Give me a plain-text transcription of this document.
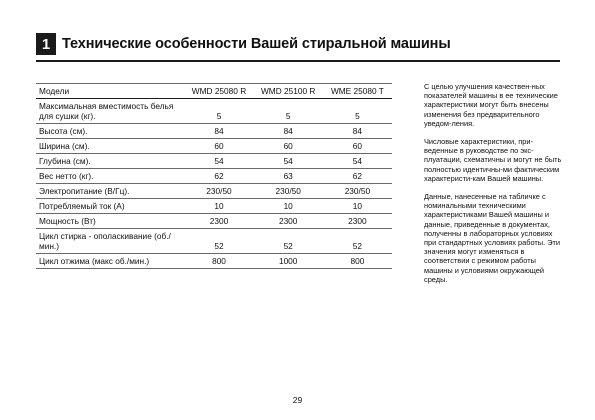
1 Технические особенности Вашей стиральной машины
Модели	WMD 25080 R	WMD 25100 R	WME 25080 T
Максимальная вместимость белья для сушки (кг).	5	5	5
Высота (см).	84	84	84
Ширина (см).	60	60	60
Глубина (см).	54	54	54
Вес нетто (кг).	62	63	62
Электропитание (В/Гц).	230/50	230/50	230/50
Потребляемый ток (А)	10	10	10
Мощность (Вт)	2300	2300	2300
Цикл стирка - ополаскивание (об./мин.)	52	52	52
Цикл отжима (макс об./мин.)	800	1000	800

С целью улучшения качествен-ных показателей машины в ее технические характеристики могут быть внесены изменения без предварительного уведом-ления.

Числовые характеристики, при-веденные в руководстве по экс-плуатации, схематичны и могут не быть полностью идентичны-ми фактическим характеристи-кам Вашей машины.

Данные, нанесенные на табличке с номинальными техническими характеристиками Вашей машины и данные, приведенные в документах, полученны в лабораторных условиях при стандартных условиях работы. Эти значения могут изменяться в соответствии с режимом работы машины и условиями окружающей среды.

29
